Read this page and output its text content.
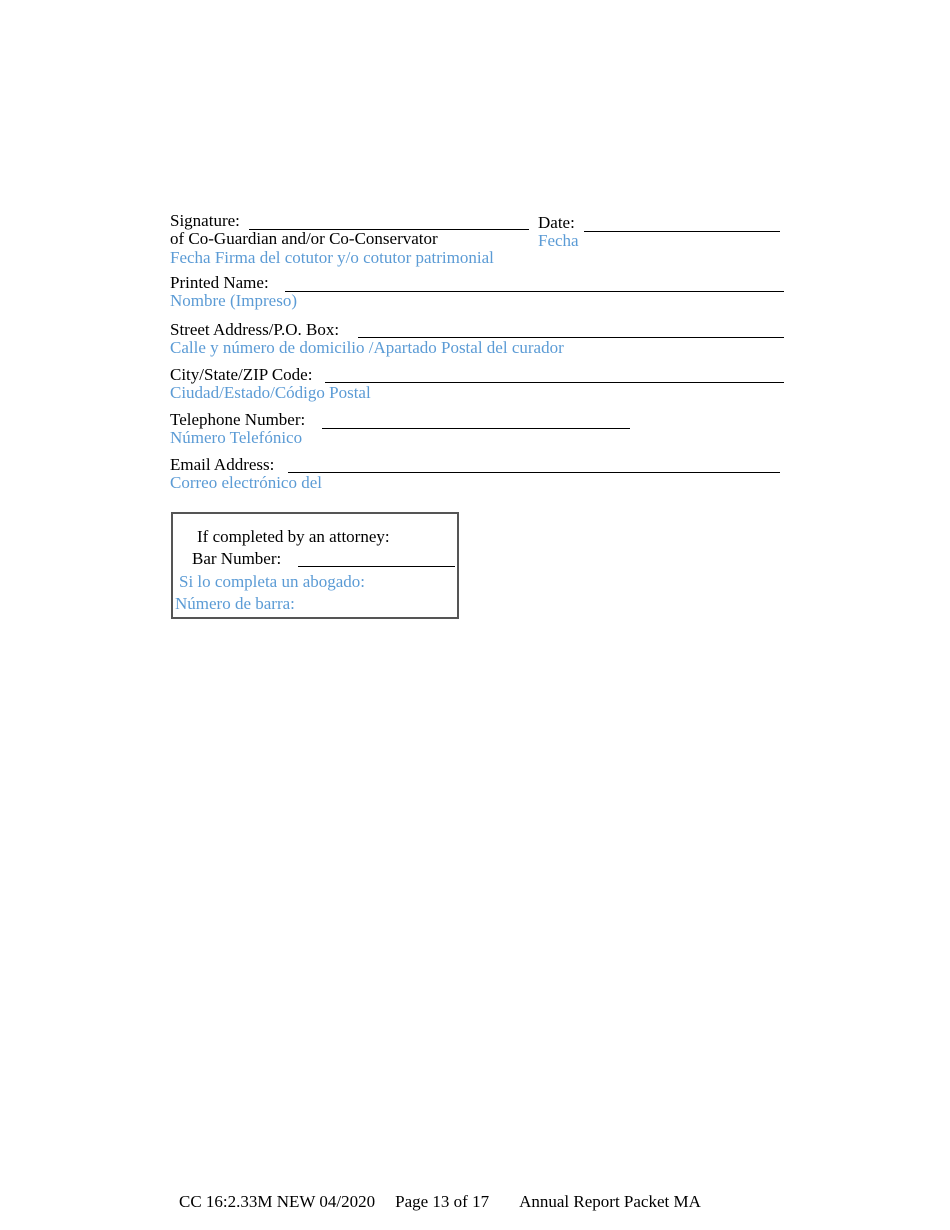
Signature:
of Co-Guardian and/or Co-Conservator
Fecha Firma del cotutor y/o cotutor patrimonial
Date:
Fecha
Printed Name:
Nombre (Impreso)
Street Address/P.O. Box:
Calle y número de domicilio /Apartado Postal del curador
City/State/ZIP Code:
Ciudad/Estado/Código Postal
Telephone Number:
Número Telefónico
Email Address:
Correo electrónico del
If completed by an attorney:
Bar Number:
Si lo completa un abogado:
Número de barra:
CC 16:2.33M NEW 04/2020 Page 13 of 17 Annual Report Packet MA
